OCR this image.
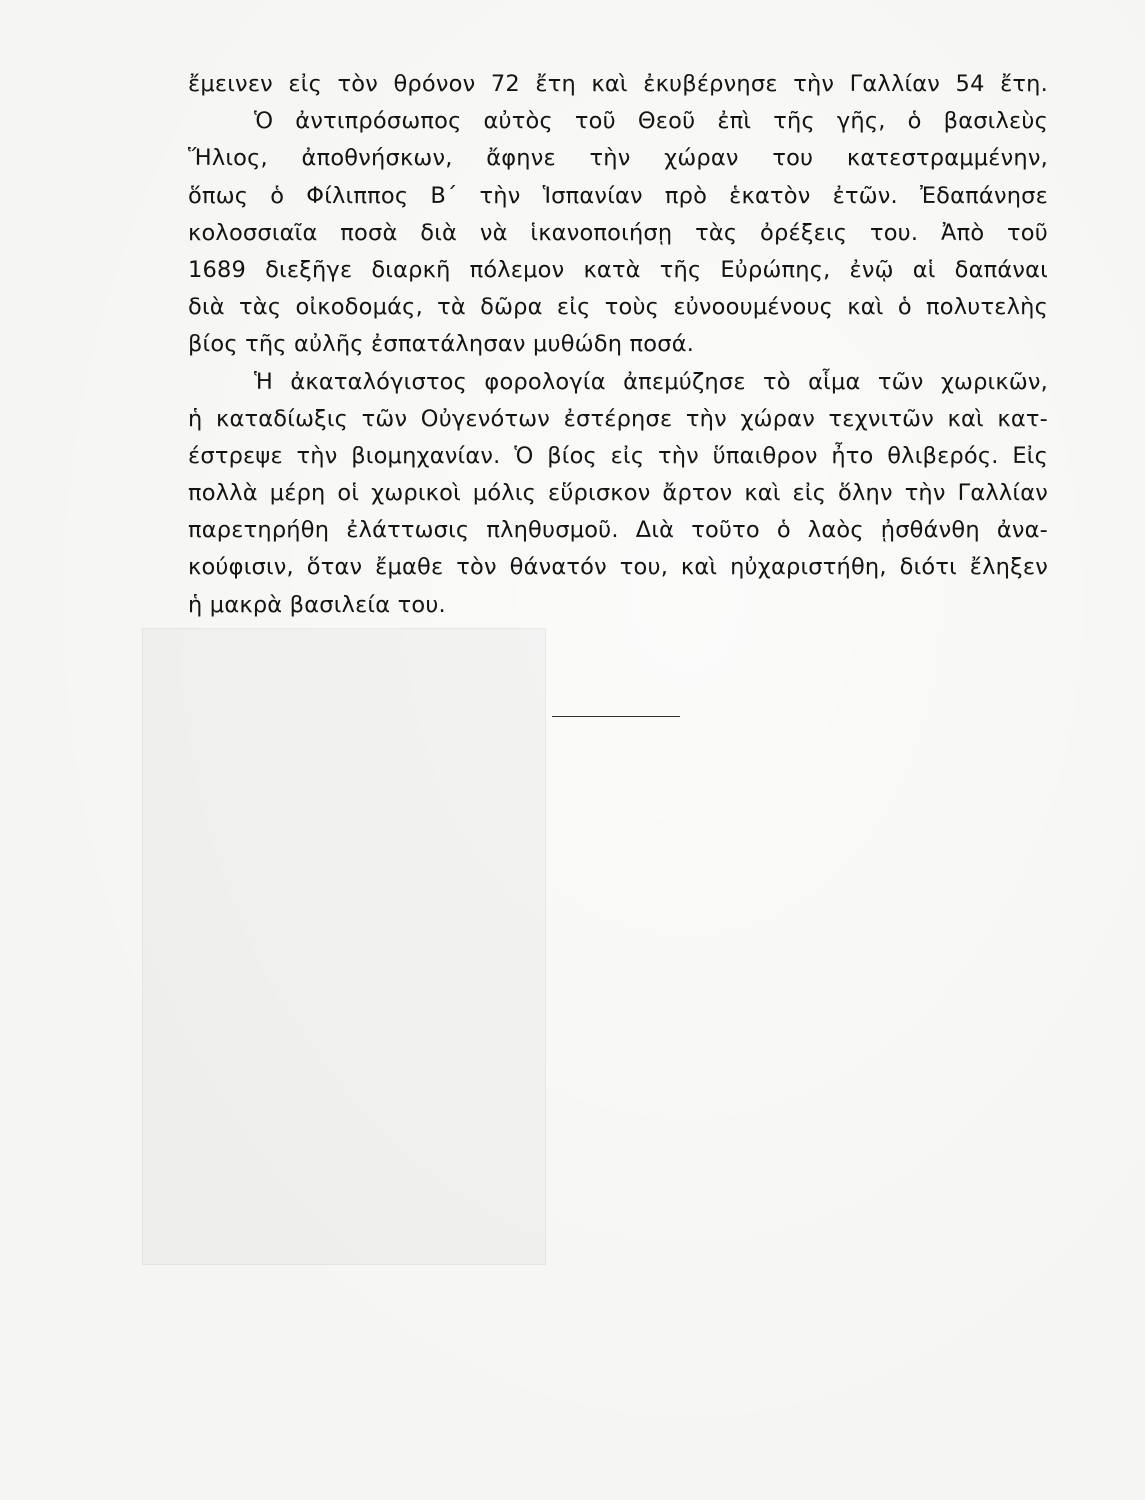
ἔμεινεν εἰς τὸν θρόνον 72 ἔτη καὶ ἐκυβέρνησε τὴν Γαλλίαν 54 ἔτη.
Ὁ ἀντιπρόσωπος αὐτὸς τοῦ Θεοῦ ἐπὶ τῆς γῆς, ὁ βασιλεὺς
Ἥλιος, ἀποθνήσκων, ἄφηνε τὴν χώραν του κατεστραμμένην,
ὅπως ὁ Φίλιππος Β΄ τὴν Ἱσπανίαν πρὸ ἑκατὸν ἐτῶν. Ἐδαπάνησε
κολοσσιαῖα ποσὰ διὰ νὰ ἱκανοποιήσῃ τὰς ὀρέξεις του. Ἀπὸ τοῦ
1689 διεξῆγε διαρκῆ πόλεμον κατὰ τῆς Εὐρώπης, ἐνῷ αἱ δαπάναι
διὰ τὰς οἰκοδομάς, τὰ δῶρα εἰς τοὺς εὐνοουμένους καὶ ὁ πολυτελὴς
βίος τῆς αὐλῆς ἐσπατάλησαν μυθώδη ποσά.
Ἡ ἀκαταλόγιστος φορολογία ἀπεμύζησε τὸ αἷμα τῶν χωρικῶν,
ἡ καταδίωξις τῶν Οὐγενότων ἐστέρησε τὴν χώραν τεχνιτῶν καὶ κατ-
έστρεψε τὴν βιομηχανίαν. Ὁ βίος εἰς τὴν ὕπαιθρον ἦτο θλιβερός. Εἰς
πολλὰ μέρη οἱ χωρικοὶ μόλις εὕρισκον ἄρτον καὶ εἰς ὅλην τὴν Γαλλίαν
παρετηρήθη ἐλάττωσις πληθυσμοῦ. Διὰ τοῦτο ὁ λαὸς ᾐσθάνθη ἀνα-
κούφισιν, ὅταν ἔμαθε τὸν θάνατόν του, καὶ ηὐχαριστήθη, διότι ἔληξεν
ἡ μακρὰ βασιλεία του.
